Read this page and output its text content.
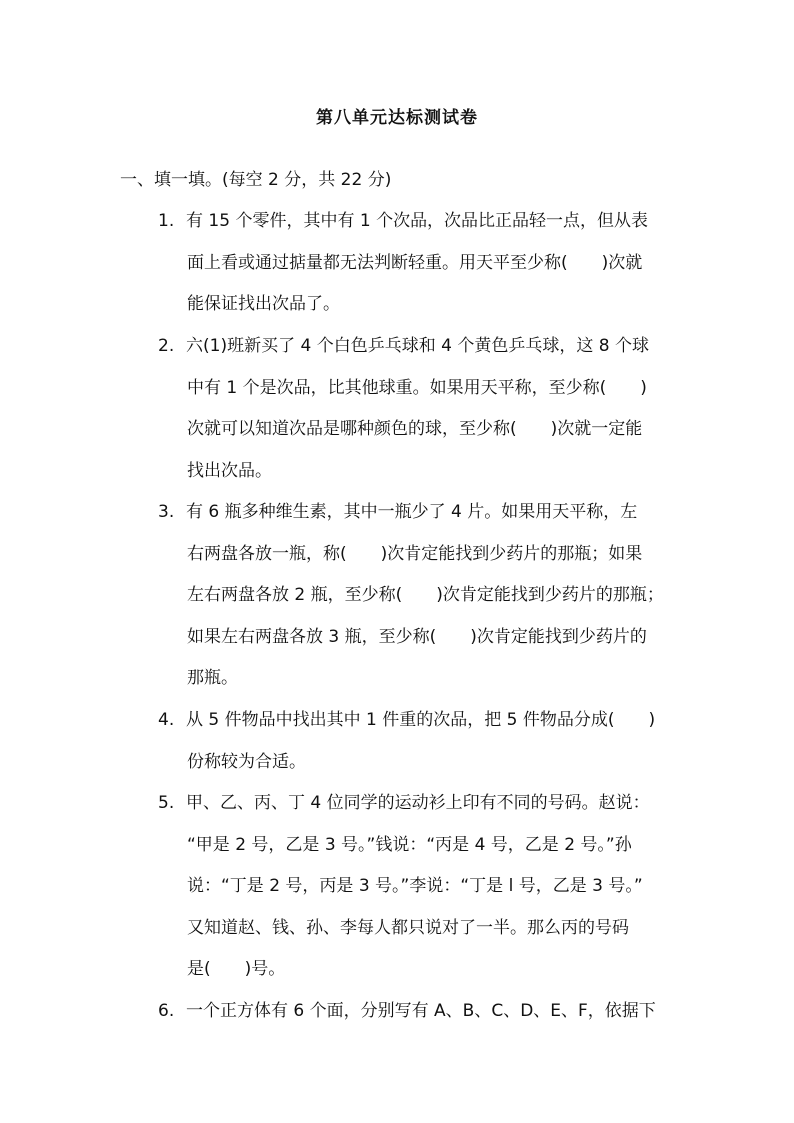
第八单元达标测试卷
一、填一填。(每空 2 分，共 22 分)
1. 有 15 个零件，其中有 1 个次品，次品比正品轻一点，但从表
面上看或通过掂量都无法判断轻重。用天平至少称(　　)次就
能保证找出次品了。
2. 六(1)班新买了 4 个白色乒乓球和 4 个黄色乒乓球，这 8 个球
中有 1 个是次品，比其他球重。如果用天平称，至少称(　　)
次就可以知道次品是哪种颜色的球，至少称(　　)次就一定能
找出次品。
3. 有 6 瓶多种维生素，其中一瓶少了 4 片。如果用天平称，左
右两盘各放一瓶，称(　　)次肯定能找到少药片的那瓶；如果
左右两盘各放 2 瓶，至少称(　　)次肯定能找到少药片的那瓶；
如果左右两盘各放 3 瓶，至少称(　　)次肯定能找到少药片的
那瓶。
4. 从 5 件物品中找出其中 1 件重的次品，把 5 件物品分成(　　)
份称较为合适。
5. 甲、乙、丙、丁 4 位同学的运动衫上印有不同的号码。赵说：
“甲是 2 号，乙是 3 号。”钱说：“丙是 4 号，乙是 2 号。”孙
说：“丁是 2 号，丙是 3 号。”李说：“丁是 l 号，乙是 3 号。”
又知道赵、钱、孙、李每人都只说对了一半。那么丙的号码
是(　　)号。
6. 一个正方体有 6 个面，分别写有 A、B、C、D、E、F，依据下
